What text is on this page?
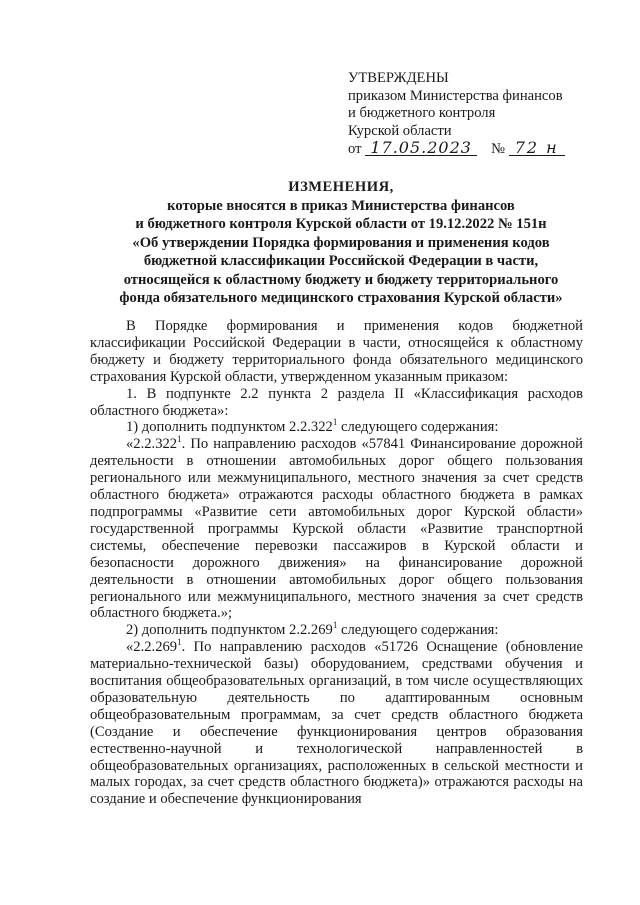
УТВЕРЖДЕНЫ
приказом Министерства финансов
и бюджетного контроля
Курской области
от 17.05.2023 № 72 н
ИЗМЕНЕНИЯ,
которые вносятся в приказ Министерства финансов
и бюджетного контроля Курской области от 19.12.2022 № 151н
«Об утверждении Порядка формирования и применения кодов
бюджетной классификации Российской Федерации в части,
относящейся к областному бюджету и бюджету территориального
фонда обязательного медицинского страхования Курской области»

В Порядке формирования и применения кодов бюджетной классификации Российской Федерации в части, относящейся к областному бюджету и бюджету территориального фонда обязательного медицинского страхования Курской области, утвержденном указанным приказом:

1. В подпункте 2.2 пункта 2 раздела II «Классификация расходов областного бюджета»:

1) дополнить подпунктом 2.2.322$^1$ следующего содержания:

«2.2.322$^1$. По направлению расходов «57841 Финансирование дорожной деятельности в отношении автомобильных дорог общего пользования регионального или межмуниципального, местного значения за счет средств областного бюджета» отражаются расходы областного бюджета в рамках подпрограммы «Развитие сети автомобильных дорог Курской области» государственной программы Курской области «Развитие транспортной системы, обеспечение перевозки пассажиров в Курской области и безопасности дорожного движения» на финансирование дорожной деятельности в отношении автомобильных дорог общего пользования регионального или межмуниципального, местного значения за счет средств областного бюджета.»;

2) дополнить подпунктом 2.2.269$^1$ следующего содержания:

«2.2.269$^1$. По направлению расходов «51726 Оснащение (обновление материально-технической базы) оборудованием, средствами обучения и воспитания общеобразовательных организаций, в том числе осуществляющих образовательную деятельность по адаптированным основным общеобразовательным программам, за счет средств областного бюджета (Создание и обеспечение функционирования центров образования естественно-научной и технологической направленностей в общеобразовательных организациях, расположенных в сельской местности и малых городах, за счет средств областного бюджета)» отражаются расходы на создание и обеспечение функционирования
